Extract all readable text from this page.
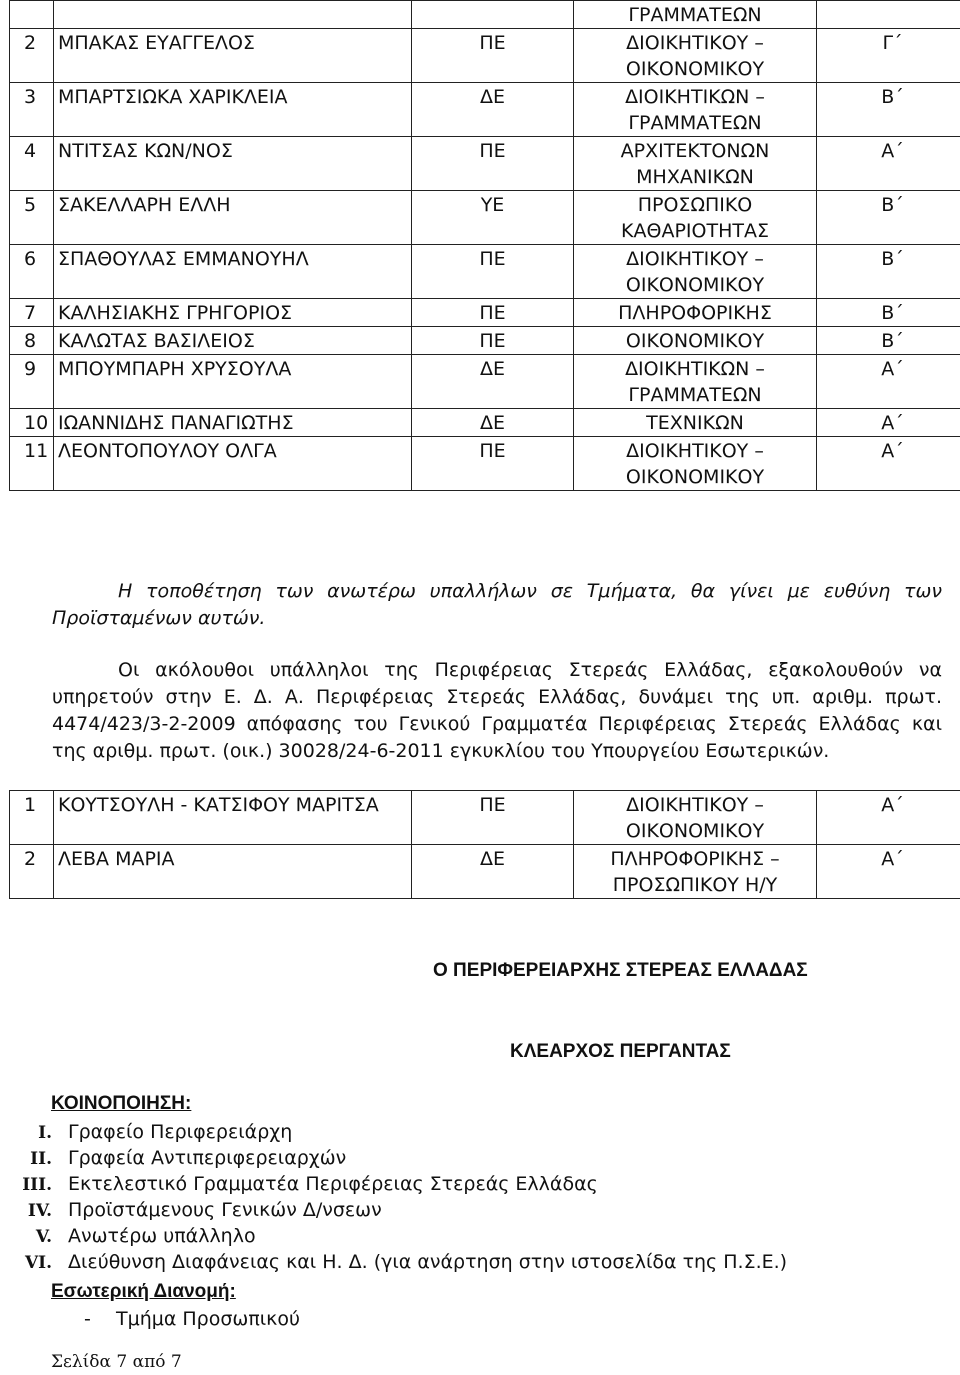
			ΓΡΑΜΜΑΤΕΩΝ	
2	ΜΠΑΚΑΣ ΕΥΑΓΓΕΛΟΣ	ΠΕ	ΔΙΟΙΚΗΤΙΚΟΥ – ΟΙΚΟΝΟΜΙΚΟΥ	Γ΄
3	ΜΠΑΡΤΣΙΩΚΑ ΧΑΡΙΚΛΕΙΑ	ΔΕ	ΔΙΟΙΚΗΤΙΚΩΝ – ΓΡΑΜΜΑΤΕΩΝ	Β΄
4	ΝΤΙΤΣΑΣ ΚΩΝ/ΝΟΣ	ΠΕ	ΑΡΧΙΤΕΚΤΟΝΩΝ ΜΗΧΑΝΙΚΩΝ	Α΄
5	ΣΑΚΕΛΛΑΡΗ ΕΛΛΗ	ΥΕ	ΠΡΟΣΩΠΙΚΟ ΚΑΘΑΡΙΟΤΗΤΑΣ	Β΄
6	ΣΠΑΘΟΥΛΑΣ ΕΜΜΑΝΟΥΗΛ	ΠΕ	ΔΙΟΙΚΗΤΙΚΟΥ – ΟΙΚΟΝΟΜΙΚΟΥ	Β΄
7	ΚΑΛΗΣΙΑΚΗΣ ΓΡΗΓΟΡΙΟΣ	ΠΕ	ΠΛΗΡΟΦΟΡΙΚΗΣ	Β΄
8	ΚΑΛΩΤΑΣ ΒΑΣΙΛΕΙΟΣ	ΠΕ	ΟΙΚΟΝΟΜΙΚΟΥ	Β΄
9	ΜΠΟΥΜΠΑΡΗ ΧΡΥΣΟΥΛΑ	ΔΕ	ΔΙΟΙΚΗΤΙΚΩΝ – ΓΡΑΜΜΑΤΕΩΝ	Α΄
10	ΙΩΑΝΝΙΔΗΣ ΠΑΝΑΓΙΩΤΗΣ	ΔΕ	ΤΕΧΝΙΚΩΝ	Α΄
11	ΛΕΟΝΤΟΠΟΥΛΟΥ ΟΛΓΑ	ΠΕ	ΔΙΟΙΚΗΤΙΚΟΥ – ΟΙΚΟΝΟΜΙΚΟΥ	Α΄
Η τοποθέτηση των ανωτέρω υπαλλήλων σε Τμήματα, θα γίνει με ευθύνη των Προϊσταμένων αυτών.
Οι ακόλουθοι υπάλληλοι της Περιφέρειας Στερεάς Ελλάδας, εξακολουθούν να υπηρετούν στην Ε. Δ. Α. Περιφέρειας Στερεάς Ελλάδας, δυνάμει της υπ. αριθμ. πρωτ. 4474/423/3-2-2009 απόφασης του Γενικού Γραμματέα Περιφέρειας Στερεάς Ελλάδας και της αριθμ. πρωτ. (οικ.) 30028/24-6-2011 εγκυκλίου του Υπουργείου Εσωτερικών.
1	ΚΟΥΤΣΟΥΛΗ - ΚΑΤΣΙΦΟΥ ΜΑΡΙΤΣΑ	ΠΕ	ΔΙΟΙΚΗΤΙΚΟΥ – ΟΙΚΟΝΟΜΙΚΟΥ	Α΄
2	ΛΕΒΑ ΜΑΡΙΑ	ΔΕ	ΠΛΗΡΟΦΟΡΙΚΗΣ – ΠΡΟΣΩΠΙΚΟΥ Η/Υ	Α΄
Ο ΠΕΡΙΦΕΡΕΙΑΡΧΗΣ ΣΤΕΡΕΑΣ ΕΛΛΑΔΑΣ
ΚΛΕΑΡΧΟΣ ΠΕΡΓΑΝΤΑΣ
ΚΟΙΝΟΠΟΙΗΣΗ:
I. Γραφείο Περιφερειάρχη
II. Γραφεία Αντιπεριφερειαρχών
III. Εκτελεστικό Γραμματέα Περιφέρειας Στερεάς Ελλάδας
IV. Προϊστάμενους Γενικών Δ/νσεων
V. Ανωτέρω υπάλληλο
VI. Διεύθυνση Διαφάνειας και Η. Δ. (για ανάρτηση στην ιστοσελίδα της Π.Σ.Ε.)
Εσωτερική Διανομή:
- Τμήμα Προσωπικού
Σελίδα 7 από 7
